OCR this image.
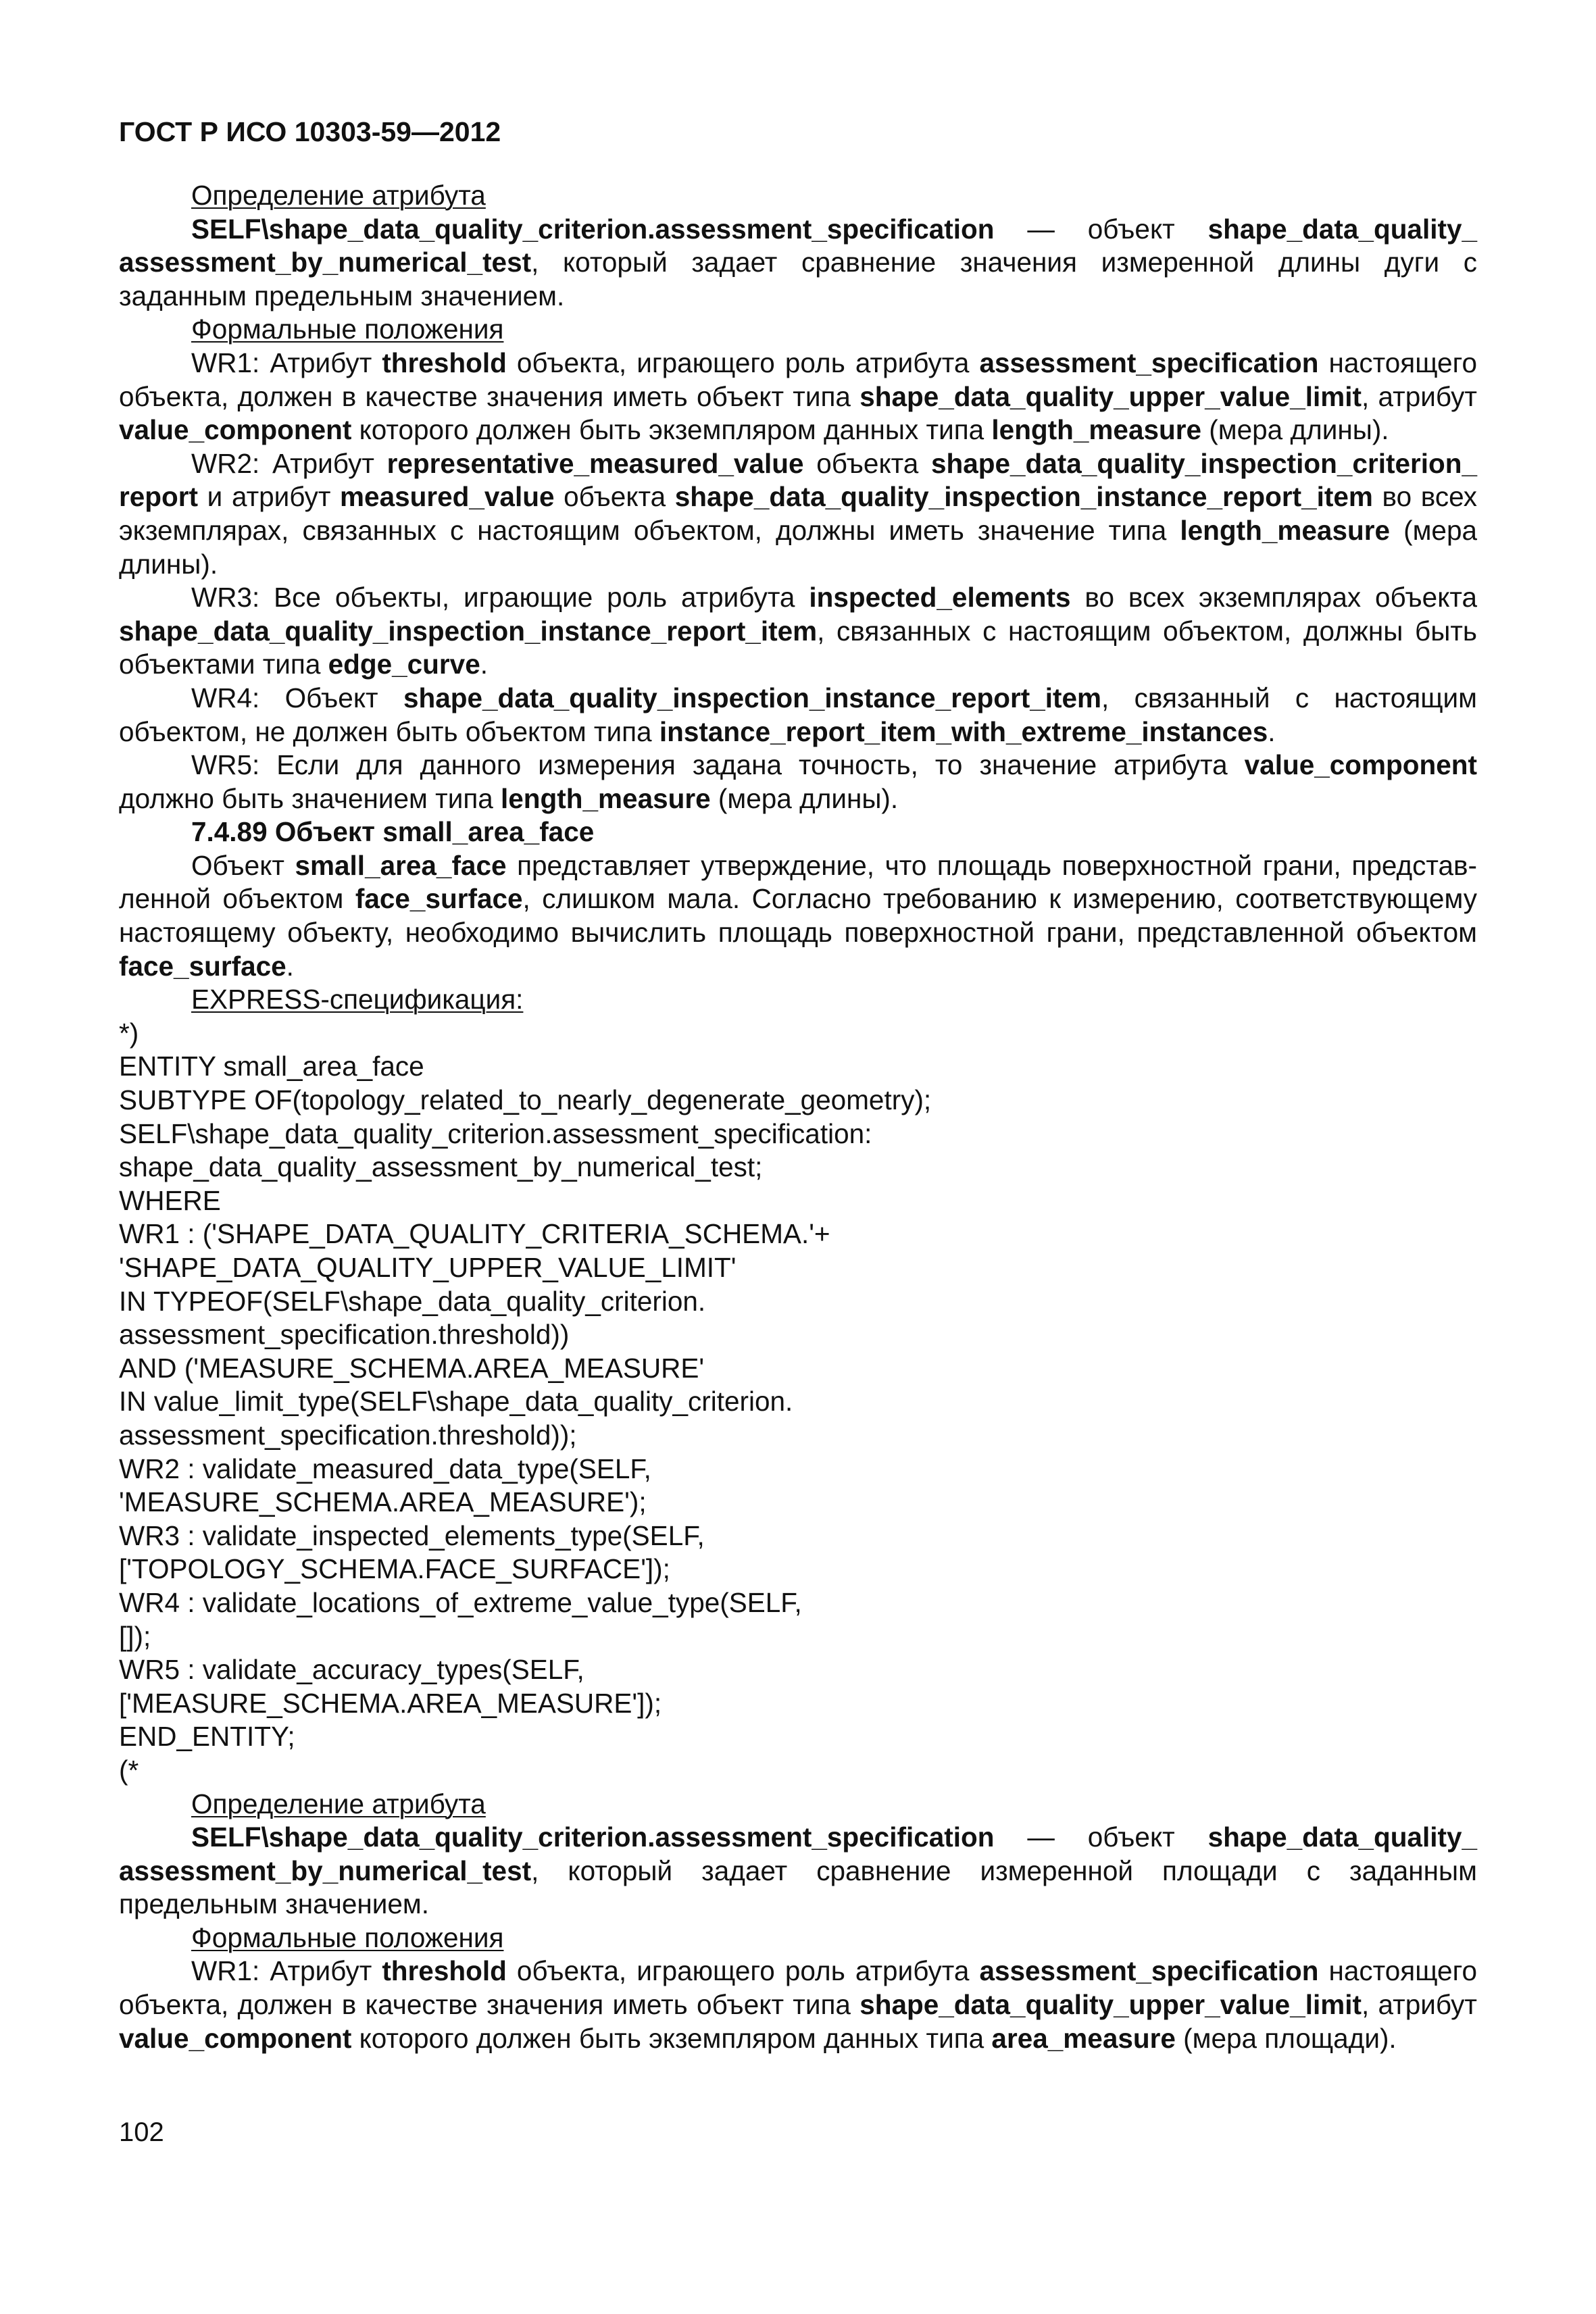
ГОСТ Р ИСО 10303-59—2012
Определение атрибута

SELF\shape_data_quality_criterion.assessment_specification — объект shape_data_quality_ assessment_by_numerical_test, который задает сравнение значения измеренной длины дуги с заданным предельным значением.

Формальные положения

WR1: Атрибут threshold объекта, играющего роль атрибута assessment_specification настоящего объекта, должен в качестве значения иметь объект типа shape_data_quality_upper_value_limit, атрибут value_component которого должен быть экземпляром данных типа length_measure (мера длины).

WR2: Атрибут representative_measured_value объекта shape_data_quality_inspection_criterion_ report и атрибут measured_value объекта shape_data_quality_inspection_instance_report_item во всех экземплярах, связанных с настоящим объектом, должны иметь значение типа length_measure (мера длины).

WR3: Все объекты, играющие роль атрибута inspected_elements во всех экземплярах объекта shape_data_quality_inspection_instance_report_item, связанных с настоящим объектом, должны быть объектами типа edge_curve.

WR4: Объект shape_data_quality_inspection_instance_report_item, связанный с настоящим объектом, не должен быть объектом типа instance_report_item_with_extreme_instances.

WR5: Если для данного измерения задана точность, то значение атрибута value_component должно быть значением типа length_measure (мера длины).

7.4.89 Объект small_area_face

Объект small_area_face представляет утверждение, что площадь поверхностной грани, представленной объектом face_surface, слишком мала. Согласно требованию к измерению, соответствующему настоящему объекту, необходимо вычислить площадь поверхностной грани, представленной объектом face_surface.

EXPRESS-спецификация:
*)
ENTITY small_area_face
SUBTYPE OF(topology_related_to_nearly_degenerate_geometry);
SELF\shape_data_quality_criterion.assessment_specification:
shape_data_quality_assessment_by_numerical_test;
WHERE
WR1 : ('SHAPE_DATA_QUALITY_CRITERIA_SCHEMA.'+
'SHAPE_DATA_QUALITY_UPPER_VALUE_LIMIT'
IN TYPEOF(SELF\shape_data_quality_criterion.
assessment_specification.threshold))
AND ('MEASURE_SCHEMA.AREA_MEASURE'
IN value_limit_type(SELF\shape_data_quality_criterion.
assessment_specification.threshold));
WR2 : validate_measured_data_type(SELF,
'MEASURE_SCHEMA.AREA_MEASURE');
WR3 : validate_inspected_elements_type(SELF,
['TOPOLOGY_SCHEMA.FACE_SURFACE']);
WR4 : validate_locations_of_extreme_value_type(SELF,
[]);
WR5 : validate_accuracy_types(SELF,
['MEASURE_SCHEMA.AREA_MEASURE']);
END_ENTITY;
(*
Определение атрибута

SELF\shape_data_quality_criterion.assessment_specification — объект shape_data_quality_ assessment_by_numerical_test, который задает сравнение измеренной площади с заданным предельным значением.

Формальные положения

WR1: Атрибут threshold объекта, играющего роль атрибута assessment_specification настоящего объекта, должен в качестве значения иметь объект типа shape_data_quality_upper_value_limit, атрибут value_component которого должен быть экземпляром данных типа area_measure (мера площади).

102
